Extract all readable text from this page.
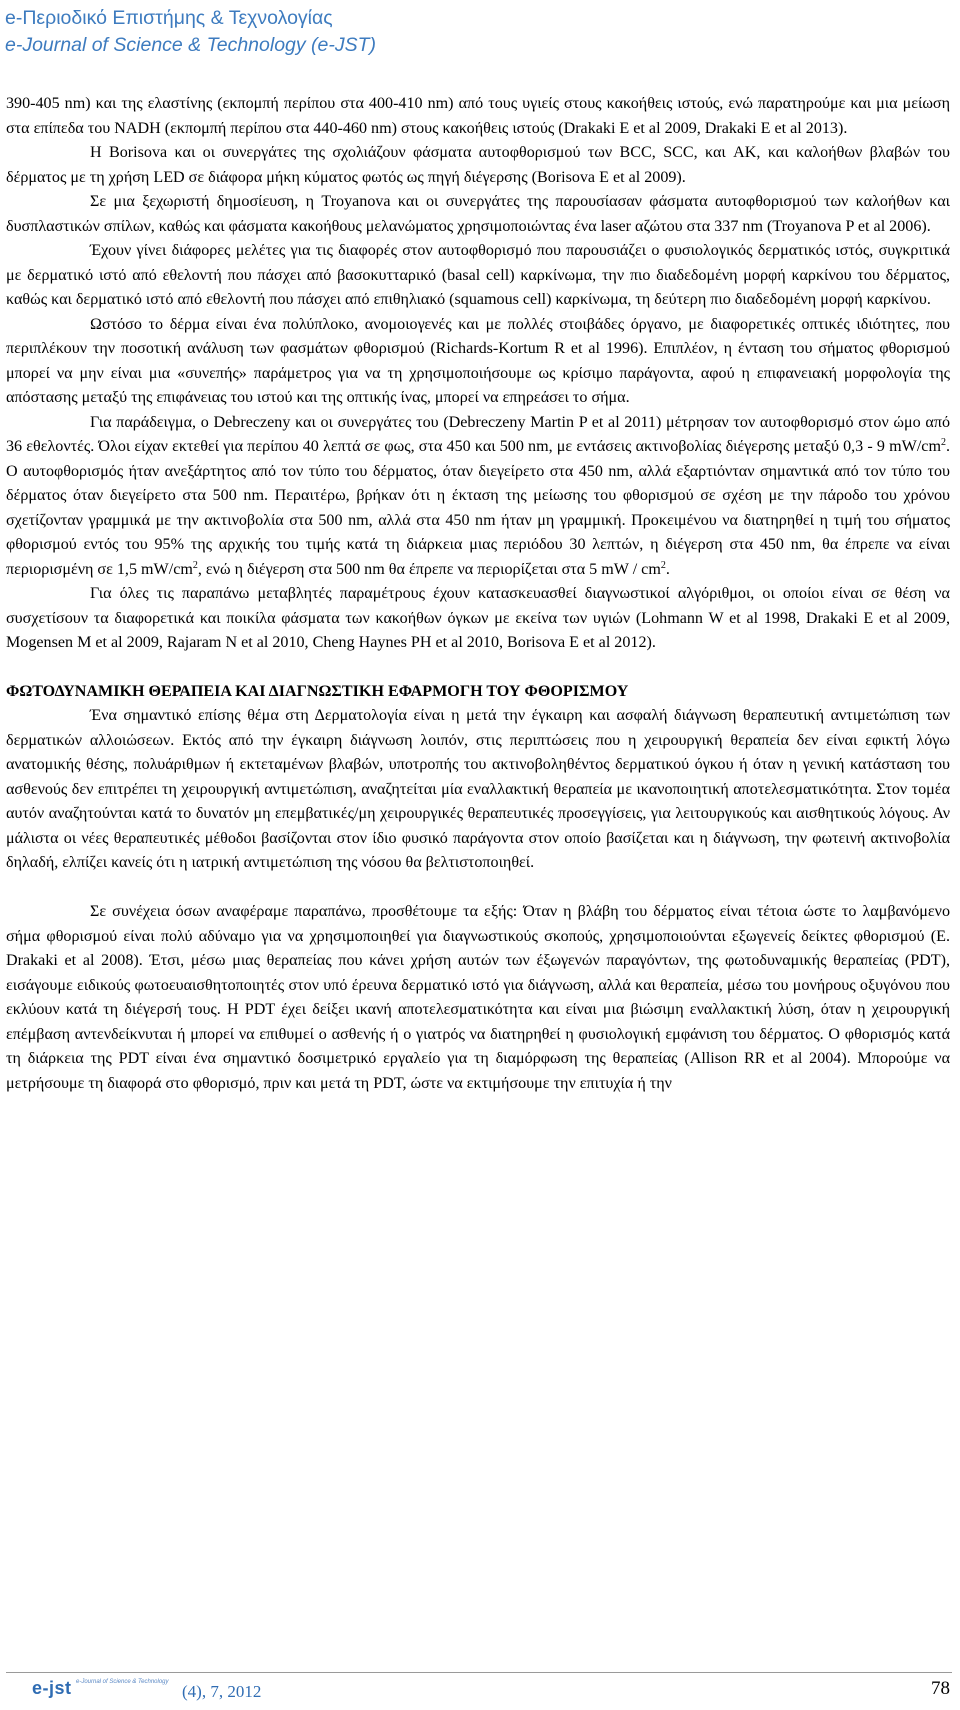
e-Περιοδικό Επιστήμης & Τεχνολογίας
e-Journal of Science & Technology (e-JST)

390-405 nm) και της ελαστίνης (εκπομπή περίπου στα 400-410 nm) από τους υγιείς στους κακοήθεις ιστούς, ενώ παρατηρούμε και μια μείωση στα επίπεδα του NADH (εκπομπή περίπου στα 440-460 nm) στους κακοήθεις ιστούς (Drakaki E et al 2009, Drakaki E et al 2013).

Η Borisova και οι συνεργάτες της σχολιάζουν φάσματα αυτοφθορισμού των BCC, SCC, και AK, και καλοήθων βλαβών του δέρματος με τη χρήση LED σε διάφορα μήκη κύματος φωτός ως πηγή διέγερσης (Borisova E et al 2009).

Σε μια ξεχωριστή δημοσίευση, η Troyanova και οι συνεργάτες της παρουσίασαν φάσματα αυτοφθορισμού των καλοήθων και δυσπλαστικών σπίλων, καθώς και φάσματα κακοήθους μελανώματος χρησιμοποιώντας ένα laser αζώτου στα 337 nm (Troyanova P et al 2006).

Έχουν γίνει διάφορες μελέτες για τις διαφορές στον αυτοφθορισμό που παρουσιάζει ο φυσιολογικός δερματικός ιστός, συγκριτικά με δερματικό ιστό από εθελοντή που πάσχει από βασοκυτταρικό (basal cell) καρκίνωμα, την πιο διαδεδομένη μορφή καρκίνου του δέρματος, καθώς και δερματικό ιστό από εθελοντή που πάσχει από επιθηλιακό (squamous cell) καρκίνωμα, τη δεύτερη πιο διαδεδομένη μορφή καρκίνου.

Ωστόσο το δέρμα είναι ένα πολύπλοκο, ανομοιογενές και με πολλές στοιβάδες όργανο, με διαφορετικές οπτικές ιδιότητες, που περιπλέκουν την ποσοτική ανάλυση των φασμάτων φθορισμού (Richards-Kortum R et al 1996). Επιπλέον, η ένταση του σήματος φθορισμού μπορεί να μην είναι μια «συνεπής» παράμετρος για να τη χρησιμοποιήσουμε ως κρίσιμο παράγοντα, αφού η επιφανειακή μορφολογία της απόστασης μεταξύ της επιφάνειας του ιστού και της οπτικής ίνας, μπορεί να επηρεάσει το σήμα.

Για παράδειγμα, ο Debreczeny και οι συνεργάτες του (Debreczeny Martin P et al 2011) μέτρησαν τον αυτοφθορισμό στον ώμο από 36 εθελοντές. Όλοι είχαν εκτεθεί για περίπου 40 λεπτά σε φως, στα 450 και 500 nm, με εντάσεις ακτινοβολίας διέγερσης μεταξύ 0,3 - 9 $mW/cm^2$. Ο αυτοφθορισμός ήταν ανεξάρτητος από τον τύπο του δέρματος, όταν διεγείρετο στα 450 nm, αλλά εξαρτιόνταν σημαντικά από τον τύπο του δέρματος όταν διεγείρετο στα 500 nm. Περαιτέρω, βρήκαν ότι η έκταση της μείωσης του φθορισμού σε σχέση με την πάροδο του χρόνου σχετίζονταν γραμμικά με την ακτινοβολία στα 500 nm, αλλά στα 450 nm ήταν μη γραμμική. Προκειμένου να διατηρηθεί η τιμή του σήματος φθορισμού εντός του 95% της αρχικής του τιμής κατά τη διάρκεια μιας περιόδου 30 λεπτών, η διέγερση στα 450 nm, θα έπρεπε να είναι περιορισμένη σε 1,5 $mW/cm^2$, ενώ η διέγερση στα 500 nm θα έπρεπε να περιορίζεται στα 5 mW / $cm^2$.

Για όλες τις παραπάνω μεταβλητές παραμέτρους έχουν κατασκευασθεί διαγνωστικοί αλγόριθμοι, οι οποίοι είναι σε θέση να συσχετίσουν τα διαφορετικά και ποικίλα φάσματα των κακοήθων όγκων με εκείνα των υγιών (Lohmann W et al 1998, Drakaki E et al 2009, Mogensen M et al 2009, Rajaram N et al 2010, Cheng Haynes PH et al 2010, Borisova E et al 2012).

ΦΩΤΟΔΥΝΑΜΙΚΗ ΘΕΡΑΠΕΙΑ ΚΑΙ ΔΙΑΓΝΩΣΤΙΚΗ ΕΦΑΡΜΟΓΗ ΤΟΥ ΦΘΟΡΙΣΜΟΥ

Ένα σημαντικό επίσης θέμα στη Δερματολογία είναι η μετά την έγκαιρη και ασφαλή διάγνωση θεραπευτική αντιμετώπιση των δερματικών αλλοιώσεων. Εκτός από την έγκαιρη διάγνωση λοιπόν, στις περιπτώσεις που η χειρουργική θεραπεία δεν είναι εφικτή λόγω ανατομικής θέσης, πολυάριθμων ή εκτεταμένων βλαβών, υποτροπής του ακτινοβοληθέντος δερματικού όγκου ή όταν η γενική κατάσταση του ασθενούς δεν επιτρέπει τη χειρουργική αντιμετώπιση, αναζητείται μία εναλλακτική θεραπεία με ικανοποιητική αποτελεσματικότητα. Στον τομέα αυτόν αναζητούνται κατά το δυνατόν μη επεμβατικές/μη χειρουργικές θεραπευτικές προσεγγίσεις, για λειτουργικούς και αισθητικούς λόγους. Αν μάλιστα οι νέες θεραπευτικές μέθοδοι βασίζονται στον ίδιο φυσικό παράγοντα στον οποίο βασίζεται και η διάγνωση, την φωτεινή ακτινοβολία δηλαδή, ελπίζει κανείς ότι η ιατρική αντιμετώπιση της νόσου θα βελτιστοποιηθεί.

Σε συνέχεια όσων αναφέραμε παραπάνω, προσθέτουμε τα εξής: Όταν η βλάβη του δέρματος είναι τέτοια ώστε το λαμβανόμενο σήμα φθορισμού είναι πολύ αδύναμο για να χρησιμοποιηθεί για διαγνωστικούς σκοπούς, χρησιμοποιούνται εξωγενείς δείκτες φθορισμού (E. Drakaki et al 2008). Έτσι, μέσω μιας θεραπείας που κάνει χρήση αυτών των έξωγενών παραγόντων, της φωτοδυναμικής θεραπείας (PDT), εισάγουμε ειδικούς φωτοευαισθητοποιητές στον υπό έρευνα δερματικό ιστό για διάγνωση, αλλά και θεραπεία, μέσω του μονήρους οξυγόνου που εκλύουν κατά τη διέγερσή τους. Η PDT έχει δείξει ικανή αποτελεσματικότητα και είναι μια βιώσιμη εναλλακτική λύση, όταν η χειρουργική επέμβαση αντενδείκνυται ή μπορεί να επιθυμεί ο ασθενής ή ο γιατρός να διατηρηθεί η φυσιολογική εμφάνιση του δέρματος. Ο φθορισμός κατά τη διάρκεια της PDT είναι ένα σημαντικό δοσιμετρικό εργαλείο για τη διαμόρφωση της θεραπείας (Allison RR et al 2004). Μπορούμε να μετρήσουμε τη διαφορά στο φθορισμό, πριν και μετά τη PDT, ώστε να εκτιμήσουμε την επιτυχία ή την

e-jst e-Journal of Science & Technology (4), 7, 2012	78
